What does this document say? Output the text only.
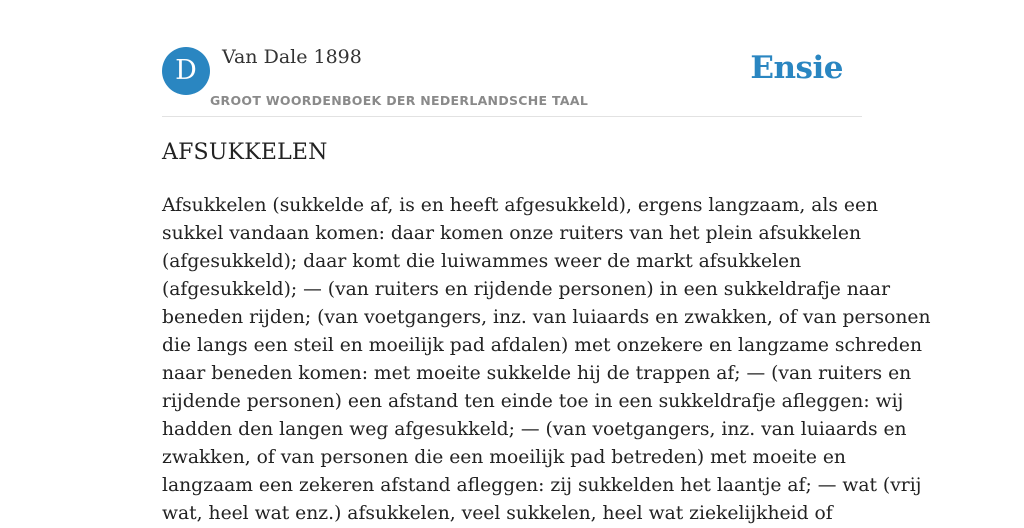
D	Van Dale 1898
GROOT WOORDENBOEK DER NEDERLANDSCHE TAAL
Ensie
AFSUKKELEN
Afsukkelen (sukkelde af, is en heeft afgesukkeld), ergens langzaam, als een
sukkel vandaan komen: daar komen onze ruiters van het plein afsukkelen
(afgesukkeld); daar komt die luiwammes weer de markt afsukkelen
(afgesukkeld); — (van ruiters en rijdende personen) in een sukkeldrafje naar
beneden rijden; (van voetgangers, inz. van luiaards en zwakken, of van personen
die langs een steil en moeilijk pad afdalen) met onzekere en langzame schreden
naar beneden komen: met moeite sukkelde hij de trappen af; — (van ruiters en
rijdende personen) een afstand ten einde toe in een sukkeldrafje afleggen: wij
hadden den langen weg afgesukkeld; — (van voetgangers, inz. van luiaards en
zwakken, of van personen die een moeilijk pad betreden) met moeite en
langzaam een zekeren afstand afleggen: zij sukkelden het laantje af; — wat (vrij
wat, heel wat enz.) afsukkelen, veel sukkelen, heel wat ziekelijkheid of
